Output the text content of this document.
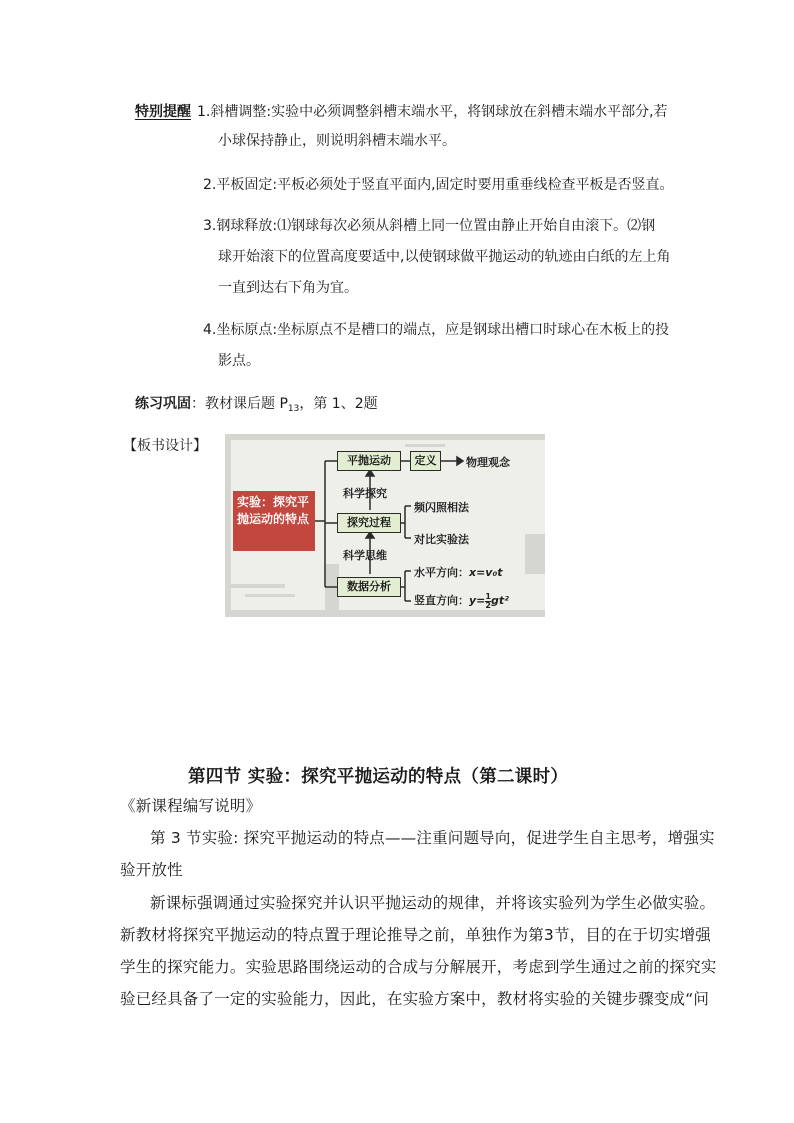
特别提醒 1.斜槽调整:实验中必须调整斜槽末端水平，将钢球放在斜槽末端水平部分,若
小球保持静止，则说明斜槽末端水平。
2.平板固定:平板必须处于竖直平面内,固定时要用重垂线检查平板是否竖直。
3.钢球释放:⑴钢球每次必须从斜槽上同一位置由静止开始自由滚下。⑵钢
球开始滚下的位置高度要适中,以使钢球做平抛运动的轨迹由白纸的左上角
一直到达右下角为宜。
4.坐标原点:坐标原点不是槽口的端点，应是钢球出槽口时球心在木板上的投
影点。
练习巩固：教材课后题 $P_{13}$，第 1、2题
【板书设计】
实验：探究平抛运动的特点
平抛运动	定义	物理观念
科学探究
探究过程
频闪照相法
对比实验法
科学思维
数据分析
水平方向：x=v₀t
竖直方向：$y= \frac{1}{2} gt^2$
第四节 实验：探究平抛运动的特点（第二课时）
《新课程编写说明》
第 3 节实验: 探究平抛运动的特点——注重问题导向，促进学生自主思考，增强实
验开放性
新课标强调通过实验探究并认识平抛运动的规律，并将该实验列为学生必做实验。
新教材将探究平抛运动的特点置于理论推导之前，单独作为第3节，目的在于切实增强
学生的探究能力。实验思路围绕运动的合成与分解展开，考虑到学生通过之前的探究实
验已经具备了一定的实验能力，因此，在实验方案中，教材将实验的关键步骤变成“问
